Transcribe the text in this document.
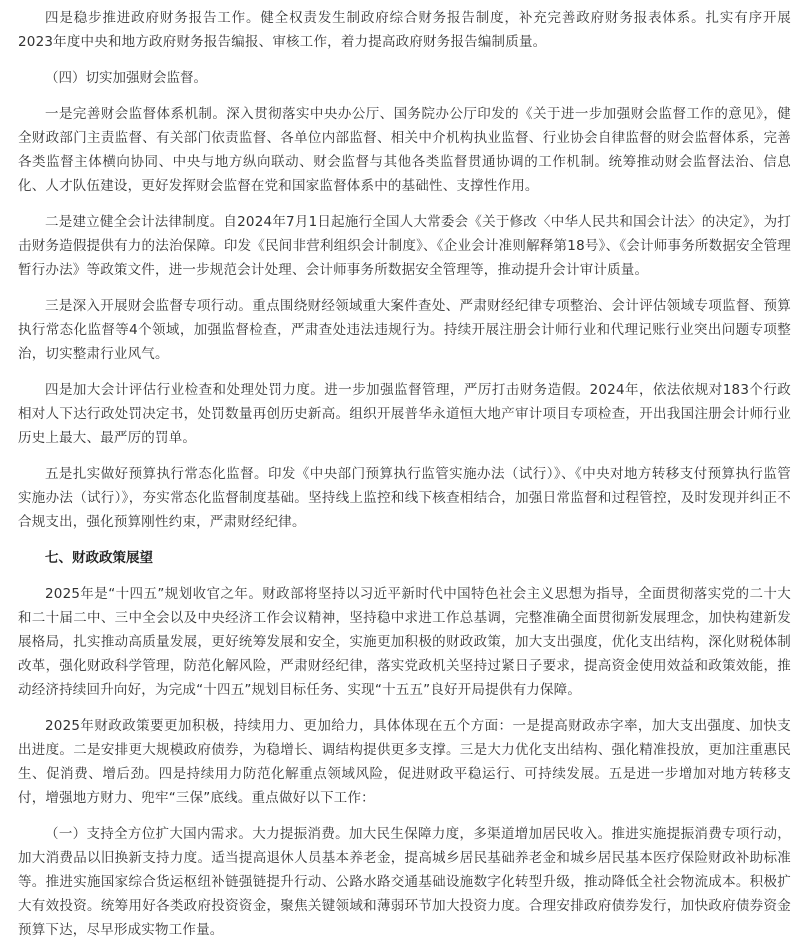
四是稳步推进政府财务报告工作。健全权责发生制政府综合财务报告制度，补充完善政府财务报表体系。扎实有序开展2023年度中央和地方政府财务报告编报、审核工作，着力提高政府财务报告编制质量。

（四）切实加强财会监督。

一是完善财会监督体系机制。深入贯彻落实中央办公厅、国务院办公厅印发的《关于进一步加强财会监督工作的意见》，健全财政部门主责监督、有关部门依责监督、各单位内部监督、相关中介机构执业监督、行业协会自律监督的财会监督体系，完善各类监督主体横向协同、中央与地方纵向联动、财会监督与其他各类监督贯通协调的工作机制。统筹推动财会监督法治、信息化、人才队伍建设，更好发挥财会监督在党和国家监督体系中的基础性、支撑性作用。

二是建立健全会计法律制度。自2024年7月1日起施行全国人大常委会《关于修改〈中华人民共和国会计法〉的决定》，为打击财务造假提供有力的法治保障。印发《民间非营利组织会计制度》、《企业会计准则解释第18号》、《会计师事务所数据安全管理暂行办法》等政策文件，进一步规范会计处理、会计师事务所数据安全管理等，推动提升会计审计质量。

三是深入开展财会监督专项行动。重点围绕财经领域重大案件查处、严肃财经纪律专项整治、会计评估领域专项监督、预算执行常态化监督等4个领域，加强监督检查，严肃查处违法违规行为。持续开展注册会计师行业和代理记账行业突出问题专项整治，切实整肃行业风气。

四是加大会计评估行业检查和处理处罚力度。进一步加强监督管理，严厉打击财务造假。2024年，依法依规对183个行政相对人下达行政处罚决定书，处罚数量再创历史新高。组织开展普华永道恒大地产审计项目专项检查，开出我国注册会计师行业历史上最大、最严厉的罚单。

五是扎实做好预算执行常态化监督。印发《中央部门预算执行监管实施办法（试行）》、《中央对地方转移支付预算执行监管实施办法（试行）》，夯实常态化监督制度基础。坚持线上监控和线下核查相结合，加强日常监督和过程管控，及时发现并纠正不合规支出，强化预算刚性约束，严肃财经纪律。

七、财政政策展望

2025年是“十四五”规划收官之年。财政部将坚持以习近平新时代中国特色社会主义思想为指导，全面贯彻落实党的二十大和二十届二中、三中全会以及中央经济工作会议精神，坚持稳中求进工作总基调，完整准确全面贯彻新发展理念，加快构建新发展格局，扎实推动高质量发展，更好统筹发展和安全，实施更加积极的财政政策，加大支出强度，优化支出结构，深化财税体制改革，强化财政科学管理，防范化解风险，严肃财经纪律，落实党政机关坚持过紧日子要求，提高资金使用效益和政策效能，推动经济持续回升向好，为完成“十四五”规划目标任务、实现“十五五”良好开局提供有力保障。

2025年财政政策要更加积极，持续用力、更加给力，具体体现在五个方面：一是提高财政赤字率，加大支出强度、加快支出进度。二是安排更大规模政府债券，为稳增长、调结构提供更多支撑。三是大力优化支出结构、强化精准投放，更加注重惠民生、促消费、增后劲。四是持续用力防范化解重点领域风险，促进财政平稳运行、可持续发展。五是进一步增加对地方转移支付，增强地方财力、兜牢“三保”底线。重点做好以下工作：

（一）支持全方位扩大国内需求。大力提振消费。加大民生保障力度，多渠道增加居民收入。推进实施提振消费专项行动，加大消费品以旧换新支持力度。适当提高退休人员基本养老金，提高城乡居民基础养老金和城乡居民基本医疗保险财政补助标准等。推进实施国家综合货运枢纽补链强链提升行动、公路水路交通基础设施数字化转型升级，推动降低全社会物流成本。积极扩大有效投资。统筹用好各类政府投资资金，聚焦关键领域和薄弱环节加大投资力度。合理安排政府债券发行，加快政府债券资金预算下达，尽早形成实物工作量。
